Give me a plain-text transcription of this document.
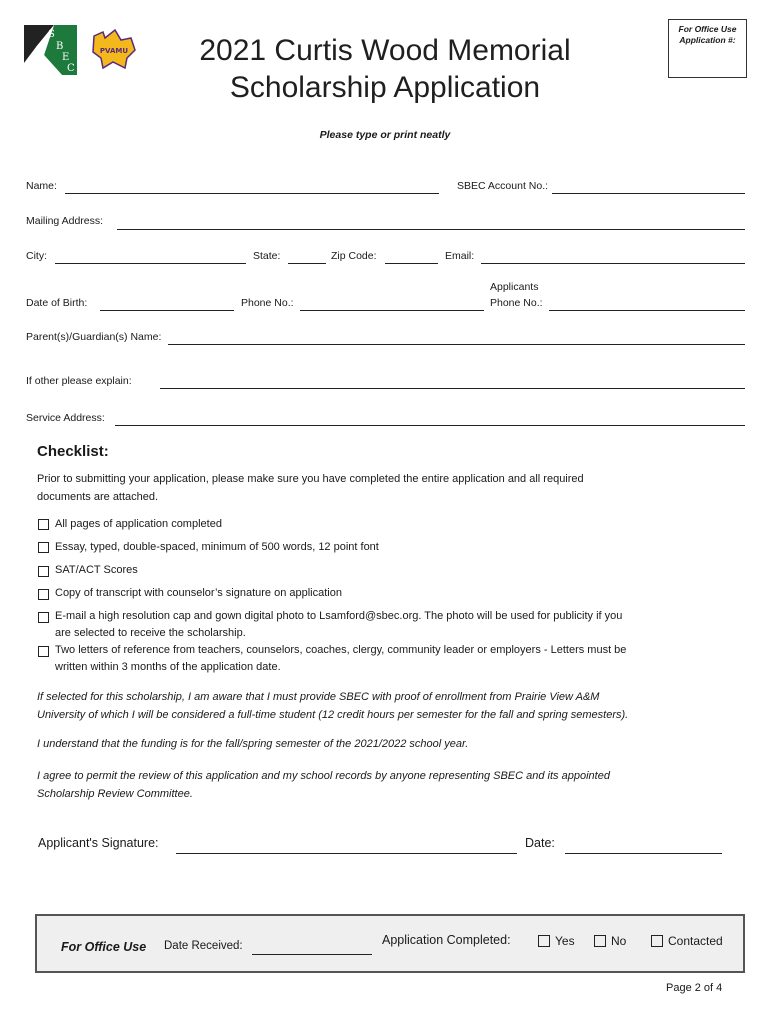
S
B
E
C
PVAMU	2021 Curtis Wood Memorial
Scholarship Application
For Office Use
Application #:
Please type or print neatly
Name:	SBEC Account No.:
Mailing Address:
City:	State:	Zip Code:	Email:
Date of Birth:	Phone No.:
Applicants
Phone No.:
Parent(s)/Guardian(s) Name:
If other please explain:
Service Address:
Checklist:
Prior to submitting your application, please make sure you have completed the entire application and all required
documents are attached.
All pages of application completed
Essay, typed, double-spaced, minimum of 500 words, 12 point font
SAT/ACT Scores
Copy of transcript with counselor’s signature on application
E-mail a high resolution cap and gown digital photo to Lsamford@sbec.org. The photo will be used for publicity if you
are selected to receive the scholarship.
Two letters of reference from teachers, counselors, coaches, clergy, community leader or employers - Letters must be
written within 3 months of the application date.
If selected for this scholarship, I am aware that I must provide SBEC with proof of enrollment from Prairie View A&M
University of which I will be considered a full-time student (12 credit hours per semester for the fall and spring semesters).
I understand that the funding is for the fall/spring semester of the 2021/2022 school year.
I agree to permit the review of this application and my school records by anyone representing SBEC and its appointed
Scholarship Review Committee.
Applicant's Signature:	Date:
For Office Use Date Received:	Application Completed:	Yes	No	Contacted
Page 2 of 4
